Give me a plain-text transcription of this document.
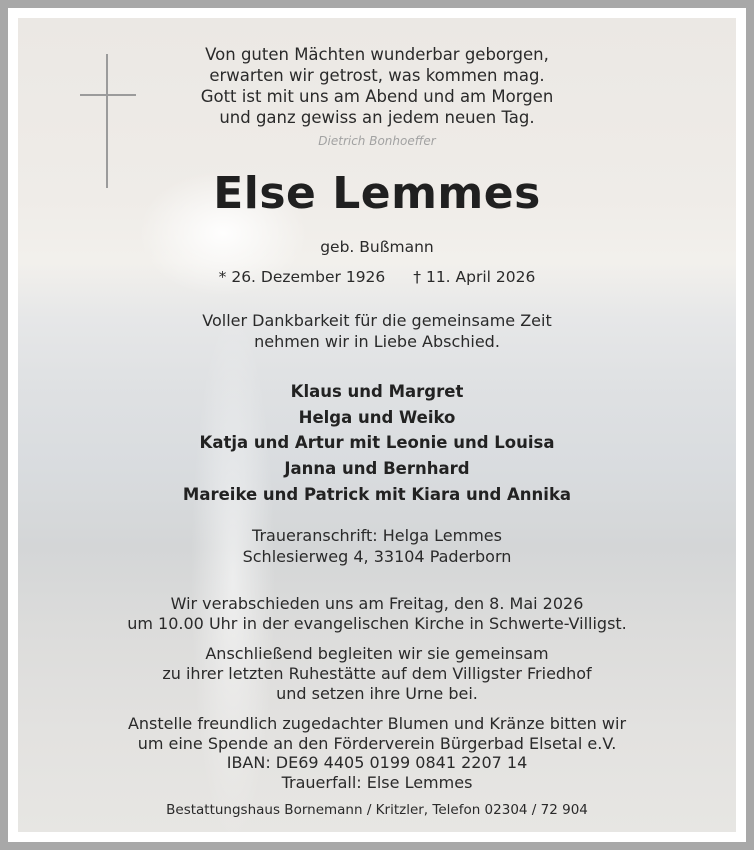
Von guten Mächten wunderbar geborgen,
erwarten wir getrost, was kommen mag.
Gott ist mit uns am Abend und am Morgen
und ganz gewiss an jedem neuen Tag.
Dietrich Bonhoeffer
Else Lemmes
geb. Bußmann
* 26. Dezember 1926 † 11. April 2026
Voller Dankbarkeit für die gemeinsame Zeit
nehmen wir in Liebe Abschied.
Klaus und Margret
Helga und Weiko
Katja und Artur mit Leonie und Louisa
Janna und Bernhard
Mareike und Patrick mit Kiara und Annika
Traueranschrift: Helga Lemmes
Schlesierweg 4, 33104 Paderborn
Wir verabschieden uns am Freitag, den 8. Mai 2026
um 10.00 Uhr in der evangelischen Kirche in Schwerte-Villigst.
Anschließend begleiten wir sie gemeinsam
zu ihrer letzten Ruhestätte auf dem Villigster Friedhof
und setzen ihre Urne bei.
Anstelle freundlich zugedachter Blumen und Kränze bitten wir
um eine Spende an den Förderverein Bürgerbad Elsetal e.V.
IBAN: DE69 4405 0199 0841 2207 14
Trauerfall: Else Lemmes
Bestattungshaus Bornemann / Kritzler, Telefon 02304 / 72 904
